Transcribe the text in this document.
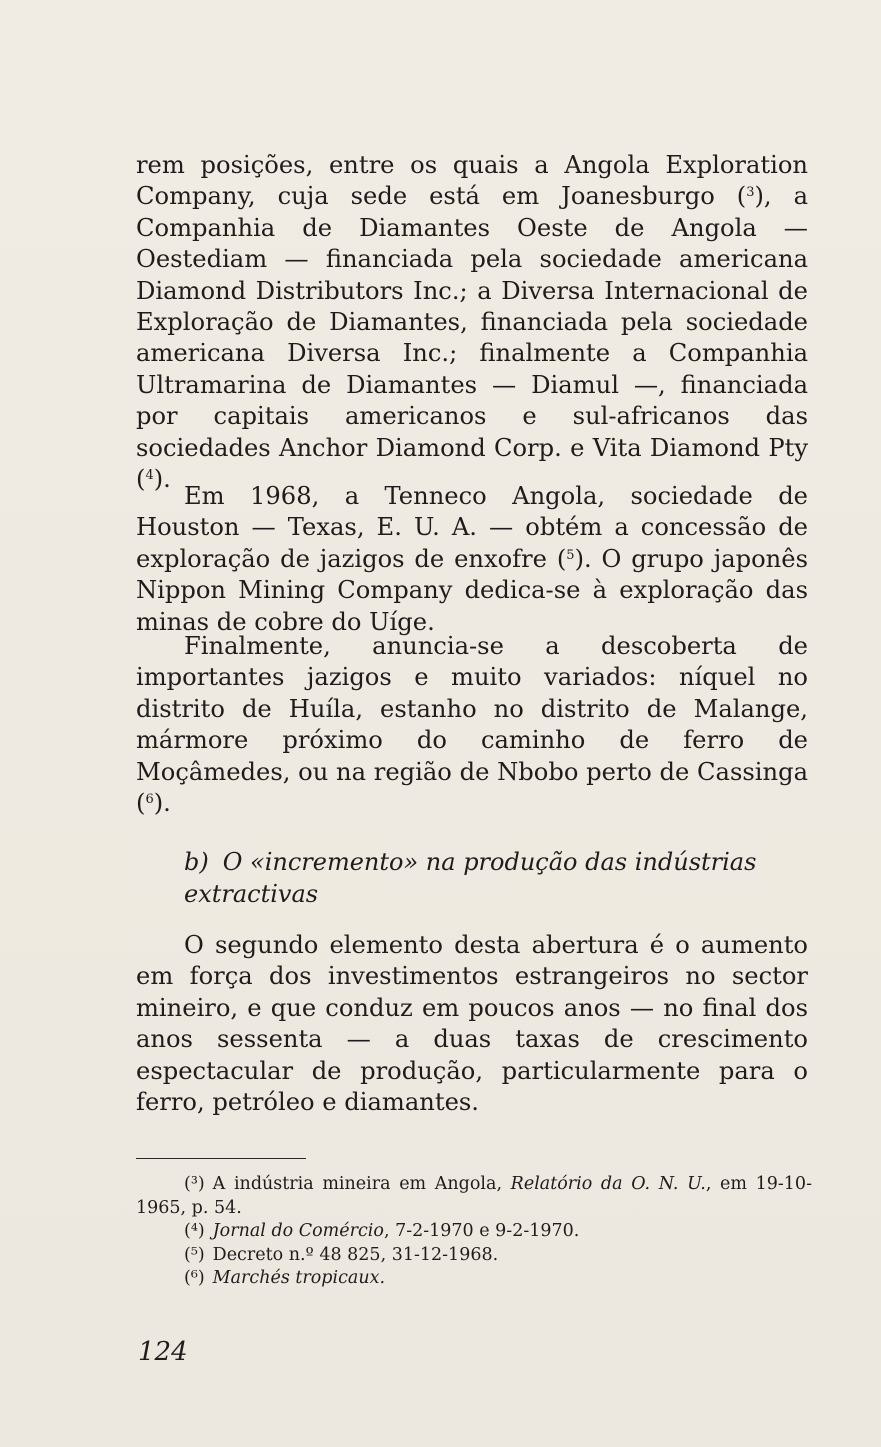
rem posições, entre os quais a Angola Exploration Company, cuja sede está em Joanesburgo ($^3$), a Companhia de Diamantes Oeste de Angola — Oestediam — financiada pela sociedade americana Diamond Distributors Inc.; a Diversa Internacional de Exploração de Diamantes, financiada pela sociedade americana Diversa Inc.; finalmente a Companhia Ultramarina de Diamantes — Diamul —, financiada por capitais americanos e sul-africanos das sociedades Anchor Diamond Corp. e Vita Diamond Pty ($^4$).

Em 1968, a Tenneco Angola, sociedade de Houston — Texas, E. U. A. — obtém a concessão de exploração de jazigos de enxofre ($^5$). O grupo japonês Nippon Mining Company dedica-se à exploração das minas de cobre do Uíge.

Finalmente, anuncia-se a descoberta de importantes jazigos e muito variados: níquel no distrito de Huíla, estanho no distrito de Malange, mármore próximo do caminho de ferro de Moçâmedes, ou na região de Nbobo perto de Cassinga ($^6$).

b) O «incremento» na produção das indústrias extractivas

O segundo elemento desta abertura é o aumento em força dos investimentos estrangeiros no sector mineiro, e que conduz em poucos anos — no final dos anos sessenta — a duas taxas de crescimento espectacular de produção, particularmente para o ferro, petróleo e diamantes.

(³) A indústria mineira em Angola, Relatório da O. N. U., em 19-10-1965, p. 54.

(⁴) Jornal do Comércio, 7-2-1970 e 9-2-1970.

(⁵) Decreto n.º 48 825, 31-12-1968.

(⁶) Marchés tropicaux.

124
